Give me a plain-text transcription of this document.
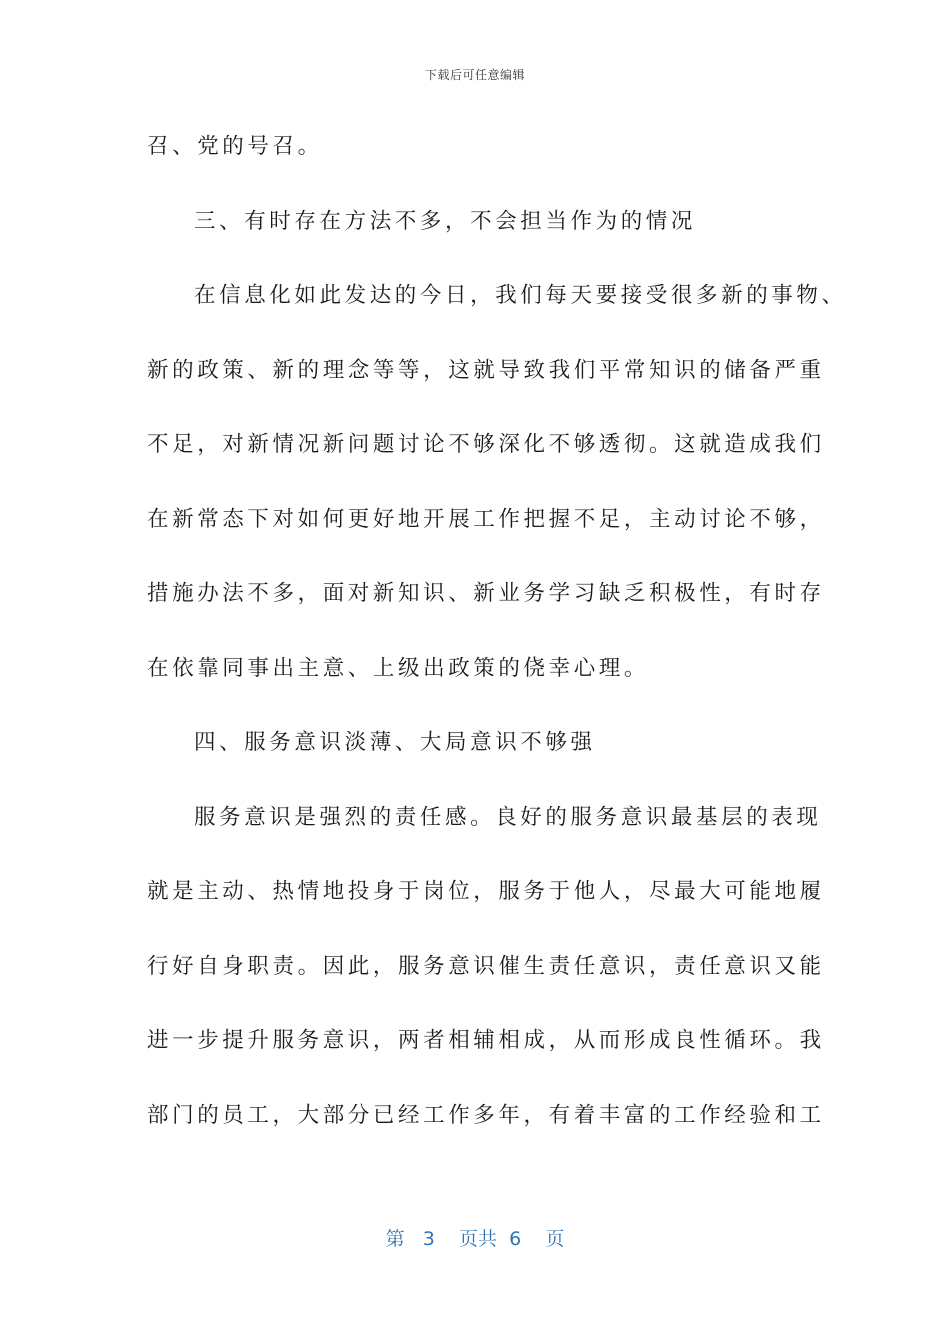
下载后可任意编辑
召、党的号召。
三、有时存在方法不多，不会担当作为的情况
在信息化如此发达的今日，我们每天要接受很多新的事物、
新的政策、新的理念等等，这就导致我们平常知识的储备严重
不足，对新情况新问题讨论不够深化不够透彻。这就造成我们
在新常态下对如何更好地开展工作把握不足，主动讨论不够，
措施办法不多，面对新知识、新业务学习缺乏积极性，有时存
在依靠同事出主意、上级出政策的侥幸心理。
四、服务意识淡薄、大局意识不够强
服务意识是强烈的责任感。良好的服务意识最基层的表现
就是主动、热情地投身于岗位，服务于他人，尽最大可能地履
行好自身职责。因此，服务意识催生责任意识，责任意识又能
进一步提升服务意识，两者相辅相成，从而形成良性循环。我
部门的员工，大部分已经工作多年，有着丰富的工作经验和工
第 3 页共 6 页
